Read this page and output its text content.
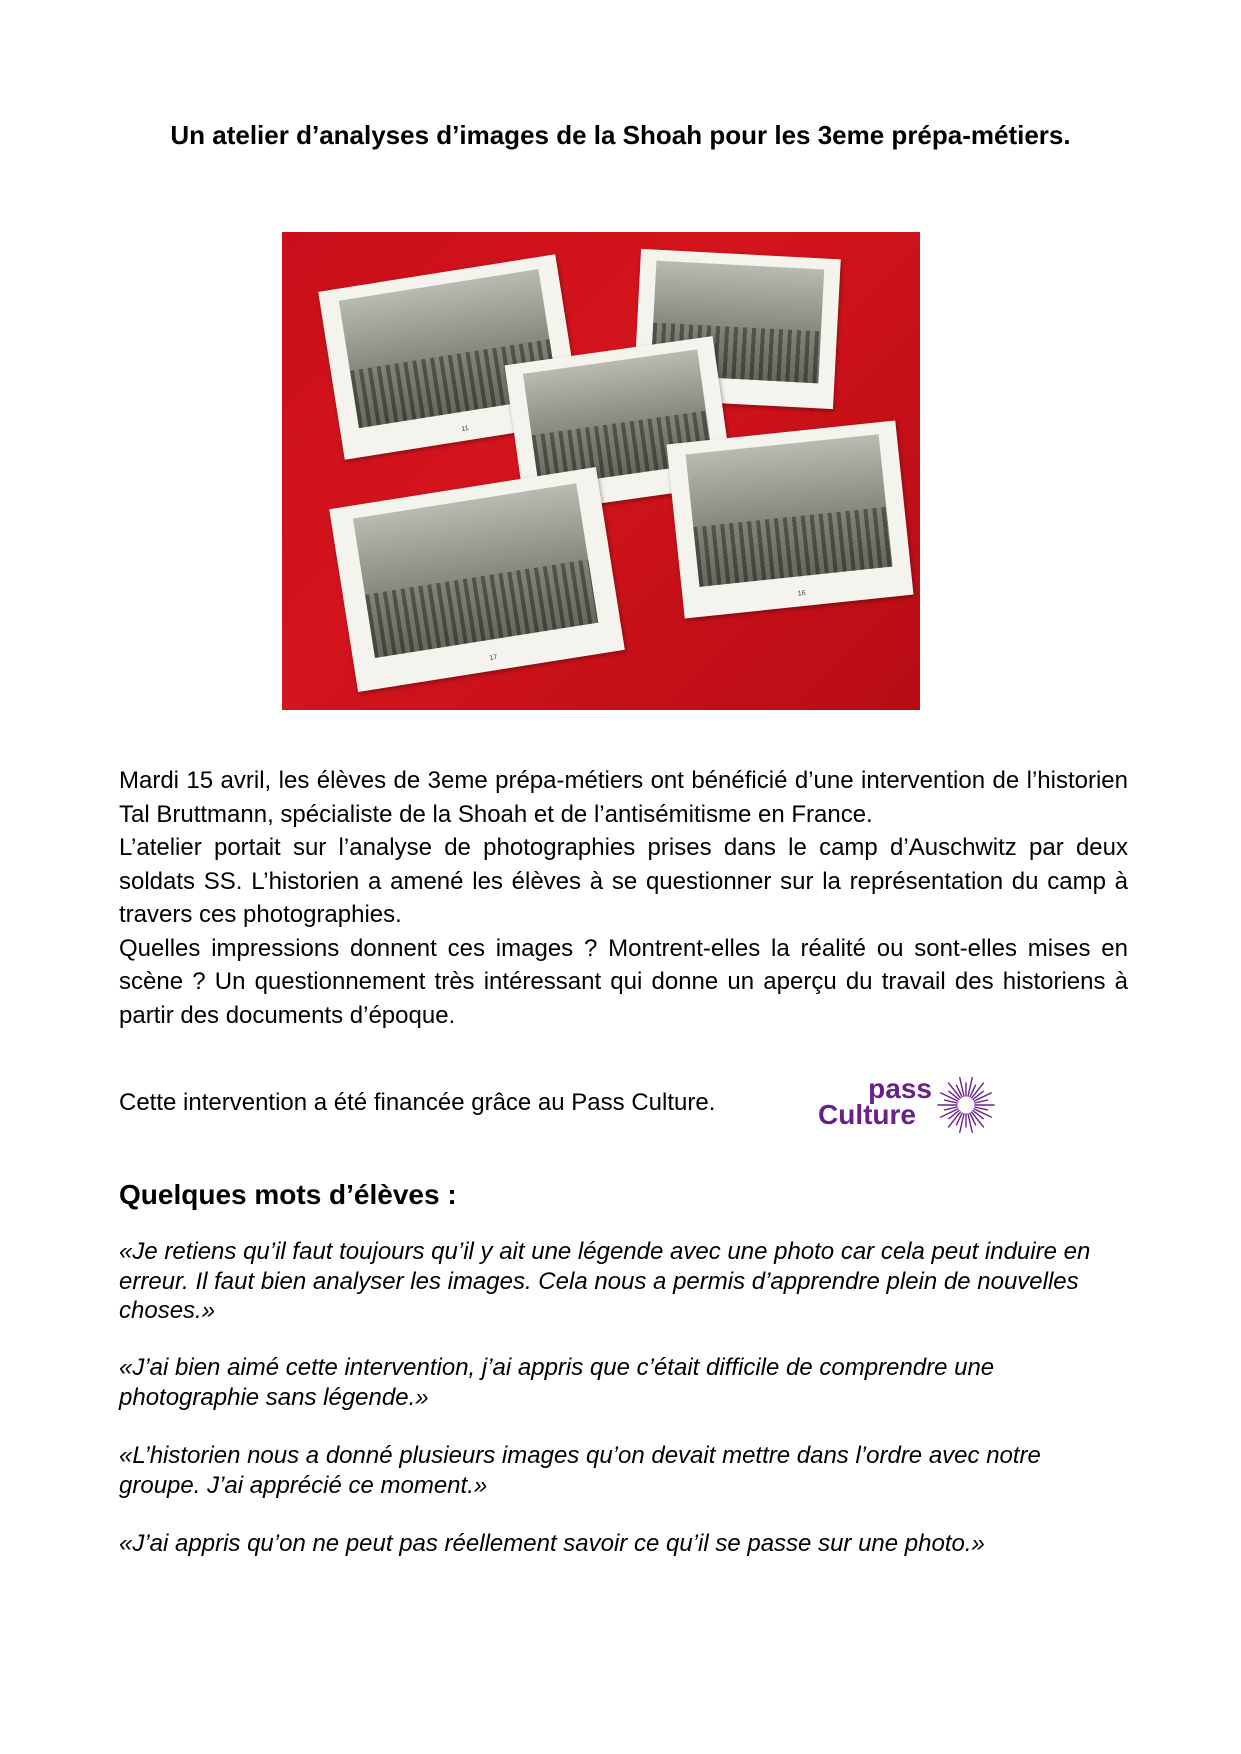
Un atelier d’analyses d’images de la Shoah pour les 3eme prépa-métiers.
11
16
17

Mardi 15 avril, les élèves de 3eme prépa-métiers ont bénéficié d’une intervention de l’historien Tal Bruttmann, spécialiste de la Shoah et de l’antisémitisme en France.

L’atelier portait sur l’analyse de photographies prises dans le camp d’Auschwitz par deux soldats SS. L’historien a amené les élèves à se questionner sur la représentation du camp à travers ces photographies.

Quelles impressions donnent ces images ? Montrent-elles la réalité ou sont-elles mises en scène ? Un questionnement très intéressant qui donne un aperçu du travail des historiens à partir des documents d’époque.

Cette intervention a été financée grâce au Pass Culture.	pass
Culture
Quelques mots d’élèves :
«Je retiens qu’il faut toujours qu’il y ait une légende avec une photo car cela peut induire en erreur. Il faut bien analyser les images. Cela nous a permis d’apprendre plein de nouvelles choses.»
«J’ai bien aimé cette intervention, j’ai appris que c’était difficile de comprendre une photographie sans légende.»
«L’historien nous a donné plusieurs images qu’on devait mettre dans l’ordre avec notre groupe. J’ai apprécié ce moment.»
«J’ai appris qu’on ne peut pas réellement savoir ce qu’il se passe sur une photo.»
